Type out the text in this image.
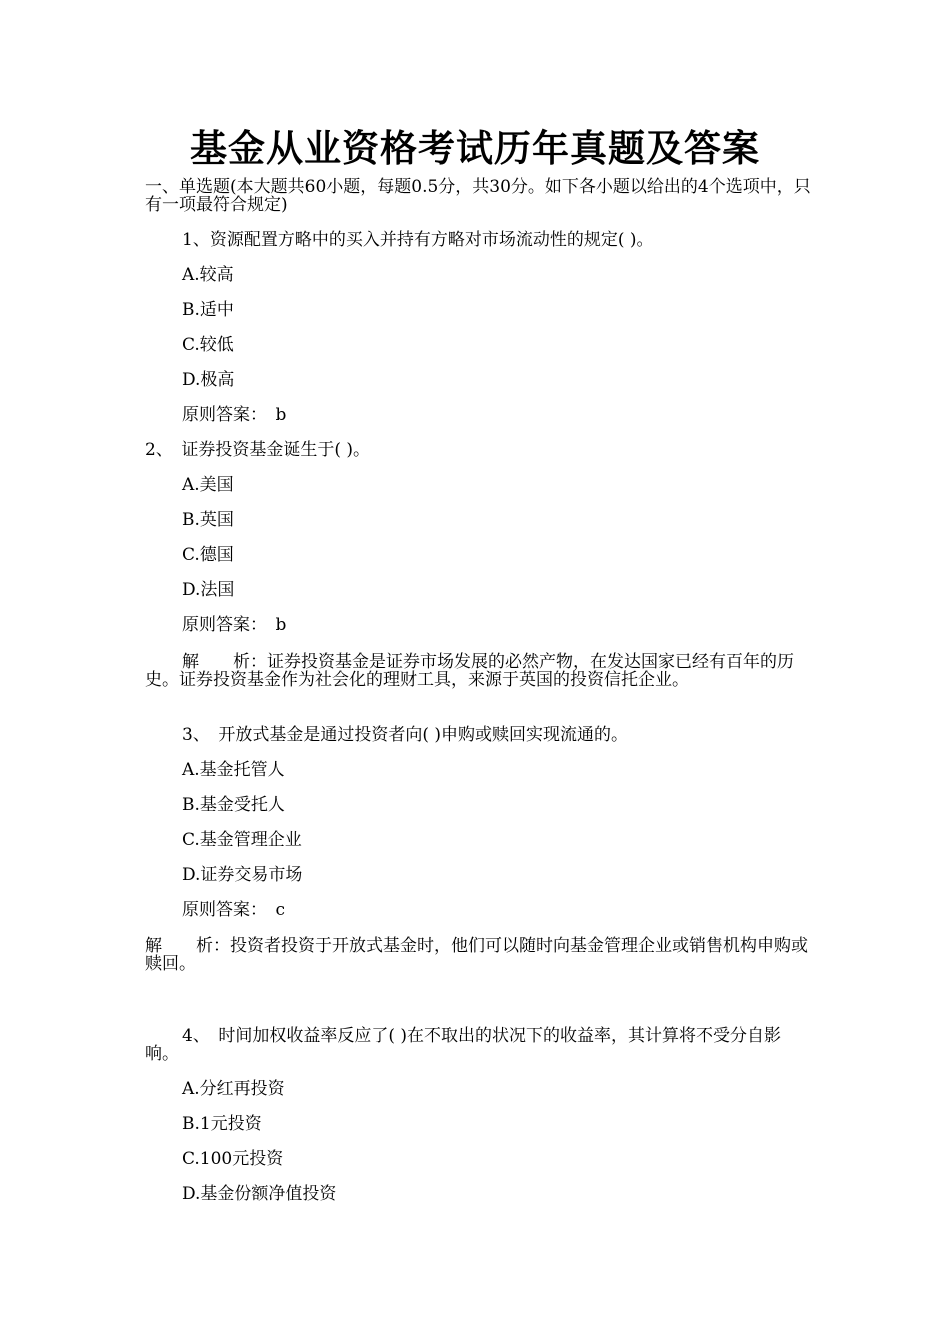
基金从业资格考试历年真题及答案
一、单选题(本大题共60小题，每题0.5分，共30分。如下各小题以给出的4个选项中，只有一项最符合规定)
1、资源配置方略中的买入并持有方略对市场流动性的规定( )。
A.较高
B.适中
C.较低
D.极高
原则答案：　b
2、　证券投资基金诞生于( )。
A.美国
B.英国
C.德国
D.法国
原则答案：　b
解　　析：证券投资基金是证券市场发展的必然产物，在发达国家已经有百年的历史。证券投资基金作为社会化的理财工具，来源于英国的投资信托企业。
3、　开放式基金是通过投资者向( )申购或赎回实现流通的。
A.基金托管人
B.基金受托人
C.基金管理企业
D.证券交易市场
原则答案：　c
解　　析：投资者投资于开放式基金时，他们可以随时向基金管理企业或销售机构申购或赎回。
4、　时间加权收益率反应了( )在不取出的状况下的收益率，其计算将不受分自影响。
A.分红再投资
B.1元投资
C.100元投资
D.基金份额净值投资
